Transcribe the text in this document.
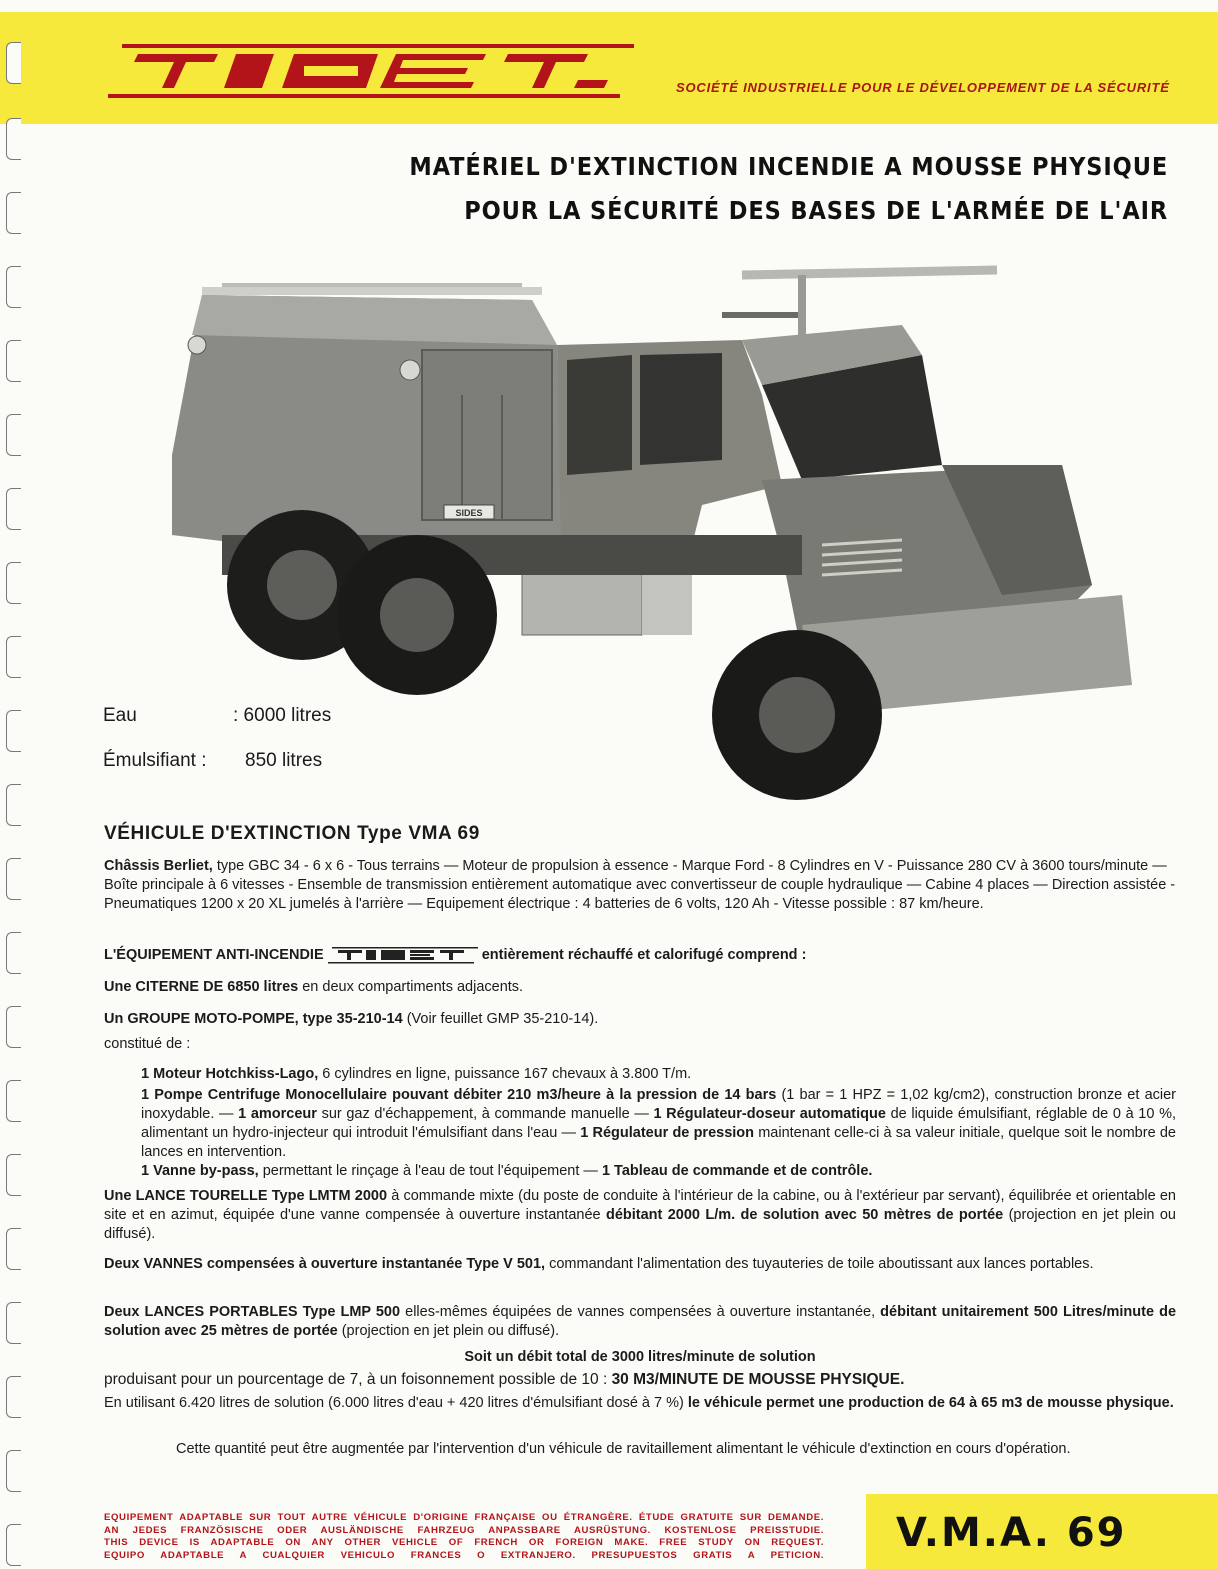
SOCIÉTÉ INDUSTRIELLE POUR LE DÉVELOPPEMENT DE LA SÉCURITÉ
MATÉRIEL D'EXTINCTION INCENDIE A MOUSSE PHYSIQUE
POUR LA SÉCURITÉ DES BASES DE L'ARMÉE DE L'AIR
SIDES
Eau	: 6000 litres
Émulsifiant : 850 litres
VÉHICULE D'EXTINCTION Type VMA 69
Châssis Berliet, type GBC 34 - 6 x 6 - Tous terrains — Moteur de propulsion à essence - Marque Ford - 8 Cylindres en V - Puissance 280 CV à 3600 tours/minute — Boîte principale à 6 vitesses - Ensemble de transmission entièrement automatique avec convertisseur de couple hydraulique — Cabine 4 places — Direction assistée - Pneumatiques 1200 x 20 XL jumelés à l'arrière — Equipement électrique : 4 batteries de 6 volts, 120 Ah - Vitesse possible : 87 km/heure.
L'ÉQUIPEMENT ANTI-INCENDIE	entièrement réchauffé et calorifugé comprend :
Une CITERNE DE 6850 litres en deux compartiments adjacents.
Un GROUPE MOTO-POMPE, type 35-210-14 (Voir feuillet GMP 35-210-14).
constitué de :
1 Moteur Hotchkiss-Lago, 6 cylindres en ligne, puissance 167 chevaux à 3.800 T/m.
1 Pompe Centrifuge Monocellulaire pouvant débiter 210 m3/heure à la pression de 14 bars (1 bar = 1 HPZ = 1,02 kg/cm2), construction bronze et acier inoxydable. — 1 amorceur sur gaz d'échappement, à commande manuelle — 1 Régulateur-doseur automatique de liquide émulsifiant, réglable de 0 à 10 %, alimentant un hydro-injecteur qui introduit l'émulsifiant dans l'eau — 1 Régulateur de pression maintenant celle-ci à sa valeur initiale, quelque soit le nombre de lances en intervention.
1 Vanne by-pass, permettant le rinçage à l'eau de tout l'équipement — 1 Tableau de commande et de contrôle.
Une LANCE TOURELLE Type LMTM 2000 à commande mixte (du poste de conduite à l'intérieur de la cabine, ou à l'extérieur par servant), équilibrée et orientable en site et en azimut, équipée d'une vanne compensée à ouverture instantanée débitant 2000 L/m. de solution avec 50 mètres de portée (projection en jet plein ou diffusé).
Deux VANNES compensées à ouverture instantanée Type V 501, commandant l'alimentation des tuyauteries de toile aboutissant aux lances portables.
Deux LANCES PORTABLES Type LMP 500 elles-mêmes équipées de vannes compensées à ouverture instantanée, débitant unitairement 500 Litres/minute de solution avec 25 mètres de portée (projection en jet plein ou diffusé).
Soit un débit total de 3000 litres/minute de solution
produisant pour un pourcentage de 7, à un foisonnement possible de 10 : 30 M3/MINUTE DE MOUSSE PHYSIQUE.
En utilisant 6.420 litres de solution (6.000 litres d'eau + 420 litres d'émulsifiant dosé à 7 %) le véhicule permet une production de 64 à 65 m3 de mousse physique.
Cette quantité peut être augmentée par l'intervention d'un véhicule de ravitaillement alimentant le véhicule d'extinction en cours d'opération.
EQUIPEMENT ADAPTABLE SUR TOUT AUTRE VÉHICULE D'ORIGINE FRANÇAISE OU ÉTRANGÈRE. ÉTUDE GRATUITE SUR DEMANDE.
AN JEDES FRANZÖSISCHE ODER AUSLÄNDISCHE FAHRZEUG ANPASSBARE AUSRÜSTUNG. KOSTENLOSE PREISSTUDIE.
THIS DEVICE IS ADAPTABLE ON ANY OTHER VEHICLE OF FRENCH OR FOREIGN MAKE. FREE STUDY ON REQUEST.
EQUIPO ADAPTABLE A CUALQUIER VEHICULO FRANCES O EXTRANJERO. PRESUPUESTOS GRATIS A PETICION. V.M.A. 69
